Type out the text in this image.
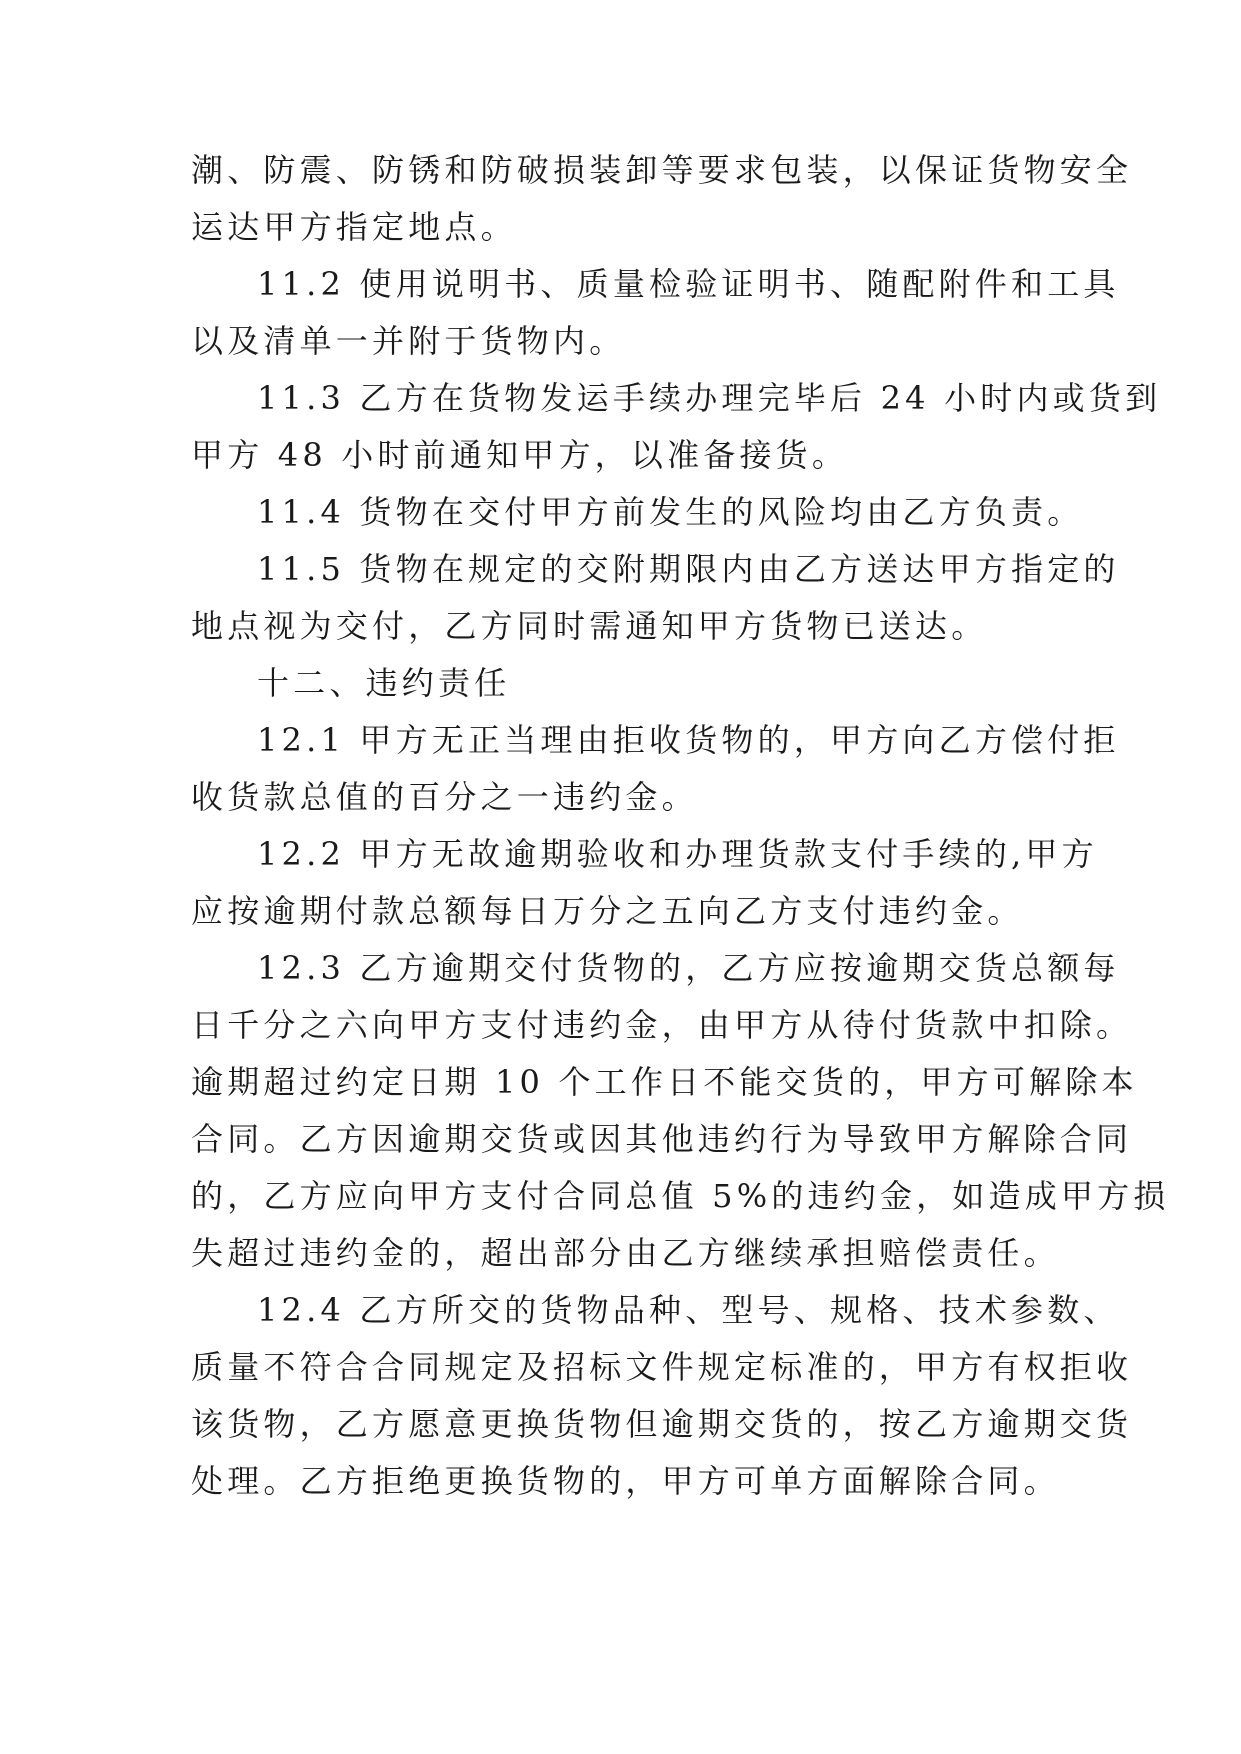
潮、防震、防锈和防破损装卸等要求包装，以保证货物安全
运达甲方指定地点。
11.2 使用说明书、质量检验证明书、随配附件和工具
以及清单一并附于货物内。
11.3 乙方在货物发运手续办理完毕后 24 小时内或货到
甲方 48 小时前通知甲方，以准备接货。
11.4 货物在交付甲方前发生的风险均由乙方负责。
11.5 货物在规定的交附期限内由乙方送达甲方指定的
地点视为交付，乙方同时需通知甲方货物已送达。
十二、违约责任
12.1 甲方无正当理由拒收货物的，甲方向乙方偿付拒
收货款总值的百分之一违约金。
12.2 甲方无故逾期验收和办理货款支付手续的,甲方
应按逾期付款总额每日万分之五向乙方支付违约金。
12.3 乙方逾期交付货物的，乙方应按逾期交货总额每
日千分之六向甲方支付违约金，由甲方从待付货款中扣除。
逾期超过约定日期 10 个工作日不能交货的，甲方可解除本
合同。乙方因逾期交货或因其他违约行为导致甲方解除合同
的，乙方应向甲方支付合同总值 5%的违约金，如造成甲方损
失超过违约金的，超出部分由乙方继续承担赔偿责任。
12.4 乙方所交的货物品种、型号、规格、技术参数、
质量不符合合同规定及招标文件规定标准的，甲方有权拒收
该货物，乙方愿意更换货物但逾期交货的，按乙方逾期交货
处理。乙方拒绝更换货物的，甲方可单方面解除合同。
